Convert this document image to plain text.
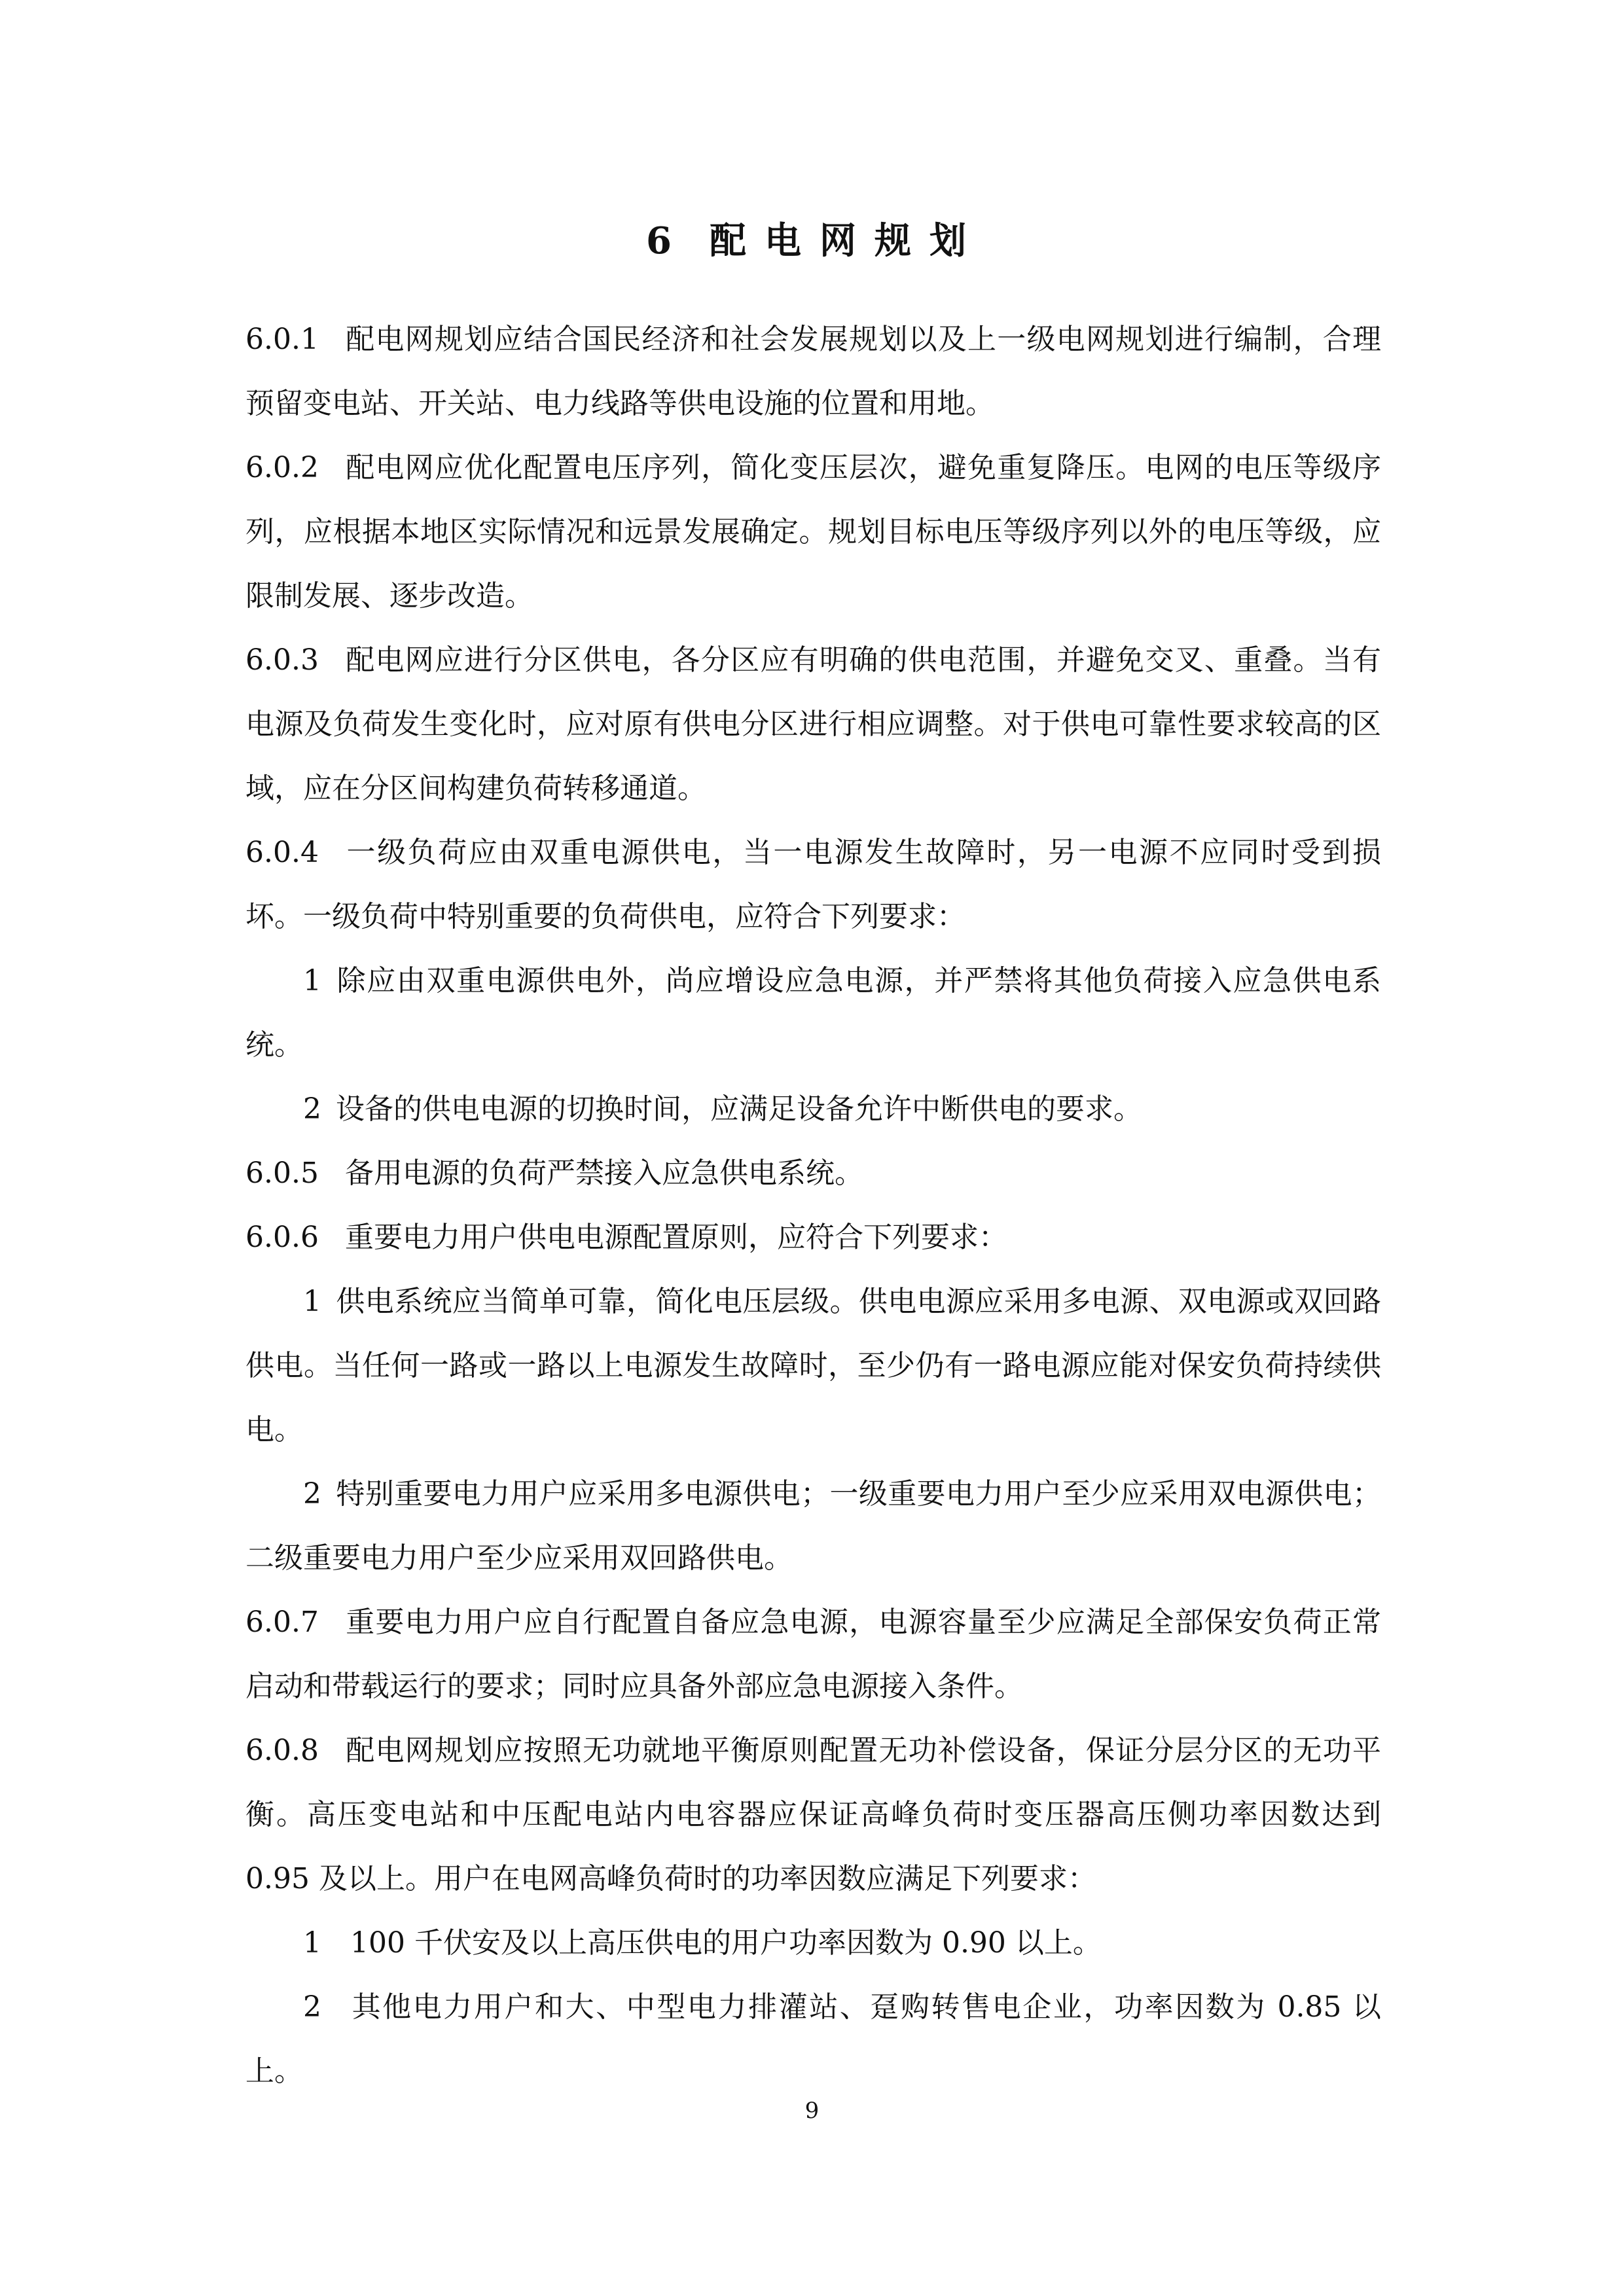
6 配 电 网 规 划

6.0.1 配电网规划应结合国民经济和社会发展规划以及上一级电网规划进行编制，合理预留变电站、开关站、电力线路等供电设施的位置和用地。

6.0.2 配电网应优化配置电压序列，简化变压层次，避免重复降压。电网的电压等级序列，应根据本地区实际情况和远景发展确定。规划目标电压等级序列以外的电压等级，应限制发展、逐步改造。

6.0.3 配电网应进行分区供电，各分区应有明确的供电范围，并避免交叉、重叠。当有电源及负荷发生变化时，应对原有供电分区进行相应调整。对于供电可靠性要求较高的区域，应在分区间构建负荷转移通道。

6.0.4 一级负荷应由双重电源供电，当一电源发生故障时，另一电源不应同时受到损坏。一级负荷中特别重要的负荷供电，应符合下列要求：

1 除应由双重电源供电外，尚应增设应急电源，并严禁将其他负荷接入应急供电系统。

2 设备的供电电源的切换时间，应满足设备允许中断供电的要求。

6.0.5 备用电源的负荷严禁接入应急供电系统。

6.0.6 重要电力用户供电电源配置原则，应符合下列要求：

1 供电系统应当简单可靠，简化电压层级。供电电源应采用多电源、双电源或双回路供电。当任何一路或一路以上电源发生故障时，至少仍有一路电源应能对保安负荷持续供电。

2 特别重要电力用户应采用多电源供电；一级重要电力用户至少应采用双电源供电；二级重要电力用户至少应采用双回路供电。

6.0.7 重要电力用户应自行配置自备应急电源，电源容量至少应满足全部保安负荷正常启动和带载运行的要求；同时应具备外部应急电源接入条件。

6.0.8 配电网规划应按照无功就地平衡原则配置无功补偿设备，保证分层分区的无功平衡。高压变电站和中压配电站内电容器应保证高峰负荷时变压器高压侧功率因数达到 0.95 及以上。用户在电网高峰负荷时的功率因数应满足下列要求：

1 100 千伏安及以上高压供电的用户功率因数为 0.90 以上。

2 其他电力用户和大、中型电力排灌站、趸购转售电企业，功率因数为 0.85 以上。

9
